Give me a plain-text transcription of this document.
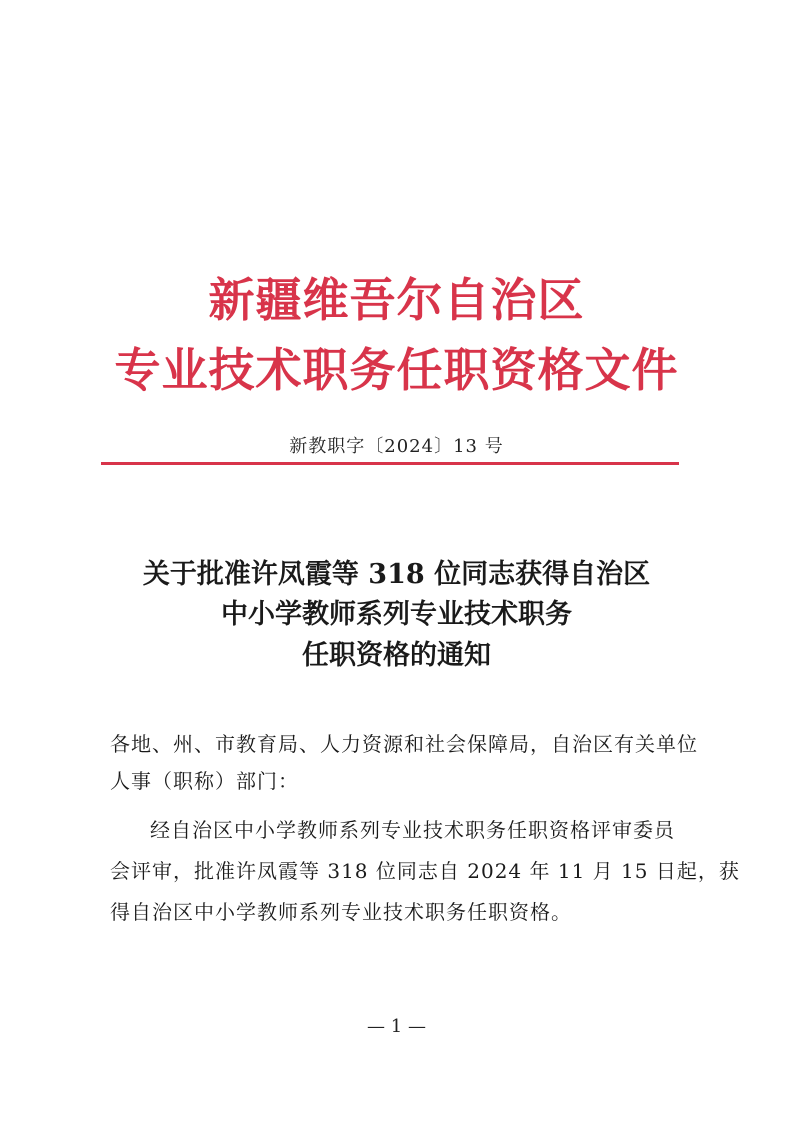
新疆维吾尔自治区
专业技术职务任职资格文件
新教职字〔2024〕13 号
关于批准许凤霞等 318 位同志获得自治区
中小学教师系列专业技术职务
任职资格的通知
各地、州、市教育局、人力资源和社会保障局，自治区有关单位
人事（职称）部门：
经自治区中小学教师系列专业技术职务任职资格评审委员
会评审，批准许凤霞等 318 位同志自 2024 年 11 月 15 日起，获
得自治区中小学教师系列专业技术职务任职资格。
— 1 —
